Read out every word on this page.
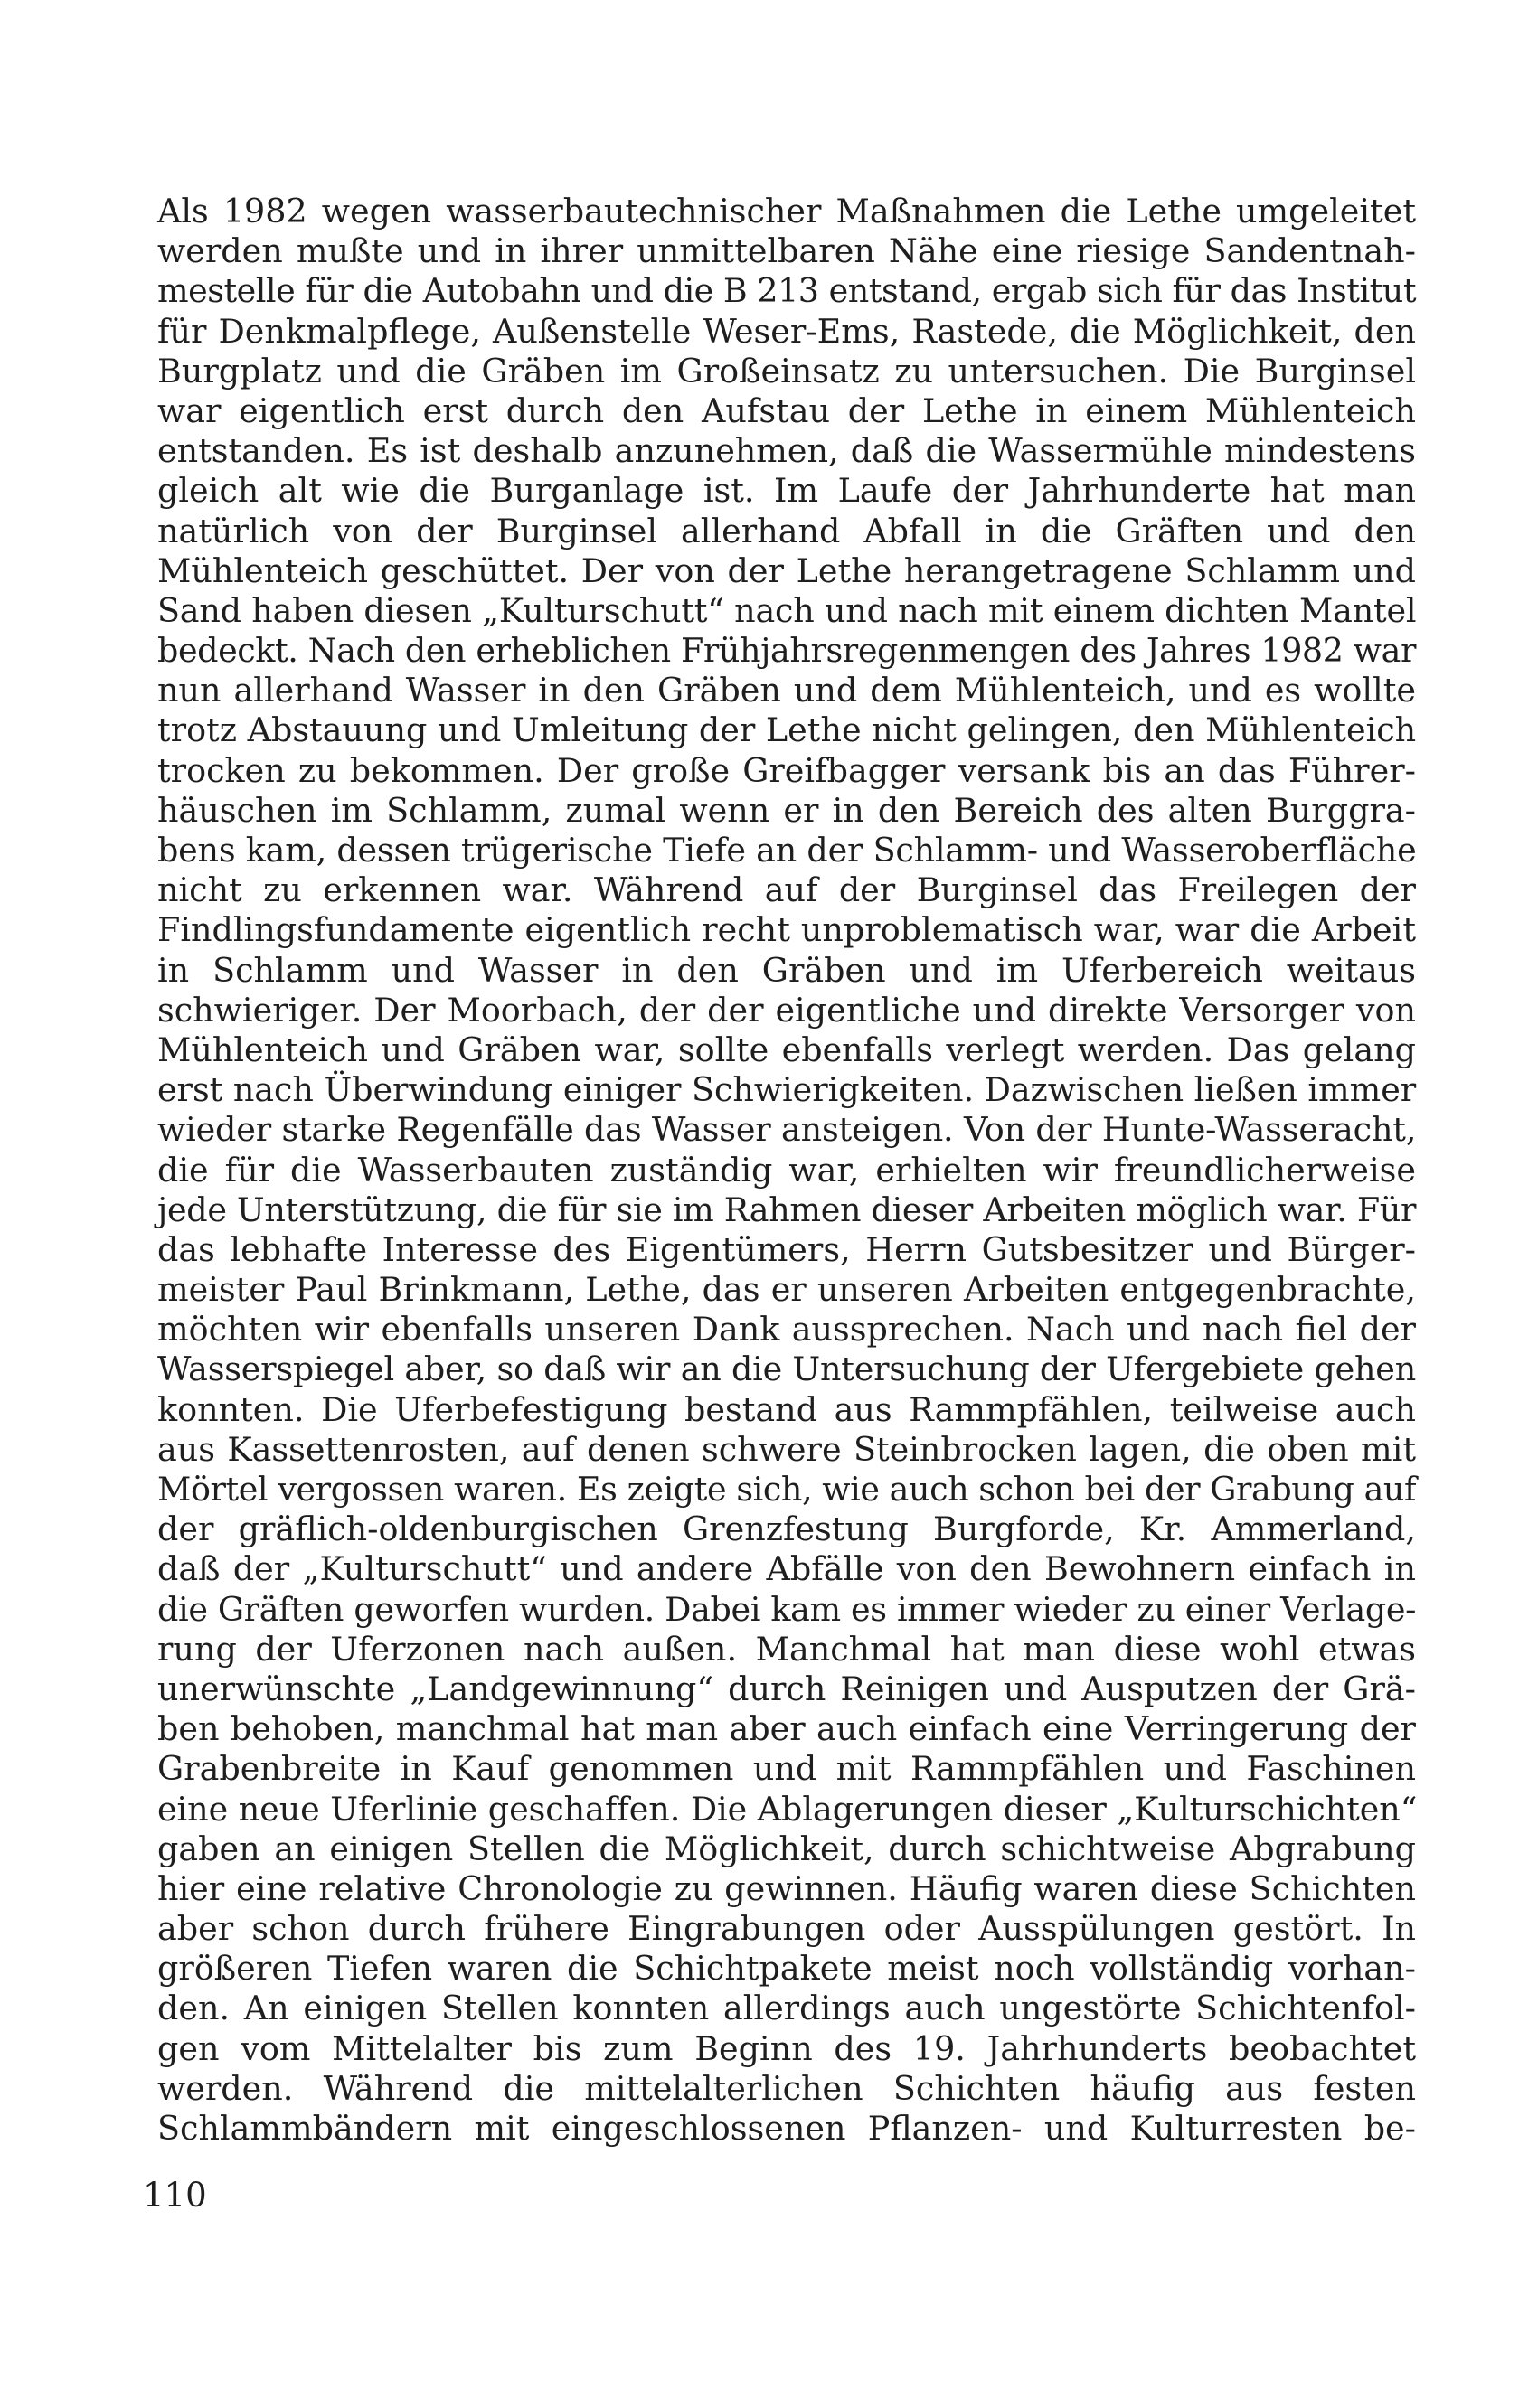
Als 1982 wegen wasserbautechnischer Maßnahmen die Lethe umgeleitet
werden mußte und in ihrer unmittelbaren Nähe eine riesige Sandentnah-
mestelle für die Autobahn und die B 213 entstand, ergab sich für das Institut
für Denkmalpflege, Außenstelle Weser-Ems, Rastede, die Möglichkeit, den
Burgplatz und die Gräben im Großeinsatz zu untersuchen. Die Burginsel
war eigentlich erst durch den Aufstau der Lethe in einem Mühlenteich
entstanden. Es ist deshalb anzunehmen, daß die Wassermühle mindestens
gleich alt wie die Burganlage ist. Im Laufe der Jahrhunderte hat man
natürlich von der Burginsel allerhand Abfall in die Gräften und den
Mühlenteich geschüttet. Der von der Lethe herangetragene Schlamm und
Sand haben diesen „Kulturschutt“ nach und nach mit einem dichten Mantel
bedeckt. Nach den erheblichen Frühjahrsregenmengen des Jahres 1982 war
nun allerhand Wasser in den Gräben und dem Mühlenteich, und es wollte
trotz Abstauung und Umleitung der Lethe nicht gelingen, den Mühlenteich
trocken zu bekommen. Der große Greifbagger versank bis an das Führer-
häuschen im Schlamm, zumal wenn er in den Bereich des alten Burggra-
bens kam, dessen trügerische Tiefe an der Schlamm- und Wasseroberfläche
nicht zu erkennen war. Während auf der Burginsel das Freilegen der
Findlingsfundamente eigentlich recht unproblematisch war, war die Arbeit
in Schlamm und Wasser in den Gräben und im Uferbereich weitaus
schwieriger. Der Moorbach, der der eigentliche und direkte Versorger von
Mühlenteich und Gräben war, sollte ebenfalls verlegt werden. Das gelang
erst nach Überwindung einiger Schwierigkeiten. Dazwischen ließen immer
wieder starke Regenfälle das Wasser ansteigen. Von der Hunte-Wasseracht,
die für die Wasserbauten zuständig war, erhielten wir freundlicherweise
jede Unterstützung, die für sie im Rahmen dieser Arbeiten möglich war. Für
das lebhafte Interesse des Eigentümers, Herrn Gutsbesitzer und Bürger-
meister Paul Brinkmann, Lethe, das er unseren Arbeiten entgegenbrachte,
möchten wir ebenfalls unseren Dank aussprechen. Nach und nach fiel der
Wasserspiegel aber, so daß wir an die Untersuchung der Ufergebiete gehen
konnten. Die Uferbefestigung bestand aus Rammpfählen, teilweise auch
aus Kassettenrosten, auf denen schwere Steinbrocken lagen, die oben mit
Mörtel vergossen waren. Es zeigte sich, wie auch schon bei der Grabung auf
der gräflich-oldenburgischen Grenzfestung Burgforde, Kr. Ammerland,
daß der „Kulturschutt“ und andere Abfälle von den Bewohnern einfach in
die Gräften geworfen wurden. Dabei kam es immer wieder zu einer Verlage-
rung der Uferzonen nach außen. Manchmal hat man diese wohl etwas
unerwünschte „Landgewinnung“ durch Reinigen und Ausputzen der Grä-
ben behoben, manchmal hat man aber auch einfach eine Verringerung der
Grabenbreite in Kauf genommen und mit Rammpfählen und Faschinen
eine neue Uferlinie geschaffen. Die Ablagerungen dieser „Kulturschichten“
gaben an einigen Stellen die Möglichkeit, durch schichtweise Abgrabung
hier eine relative Chronologie zu gewinnen. Häufig waren diese Schichten
aber schon durch frühere Eingrabungen oder Ausspülungen gestört. In
größeren Tiefen waren die Schichtpakete meist noch vollständig vorhan-
den. An einigen Stellen konnten allerdings auch ungestörte Schichtenfol-
gen vom Mittelalter bis zum Beginn des 19. Jahrhunderts beobachtet
werden. Während die mittelalterlichen Schichten häufig aus festen
Schlammbändern mit eingeschlossenen Pflanzen- und Kulturresten be-
110
